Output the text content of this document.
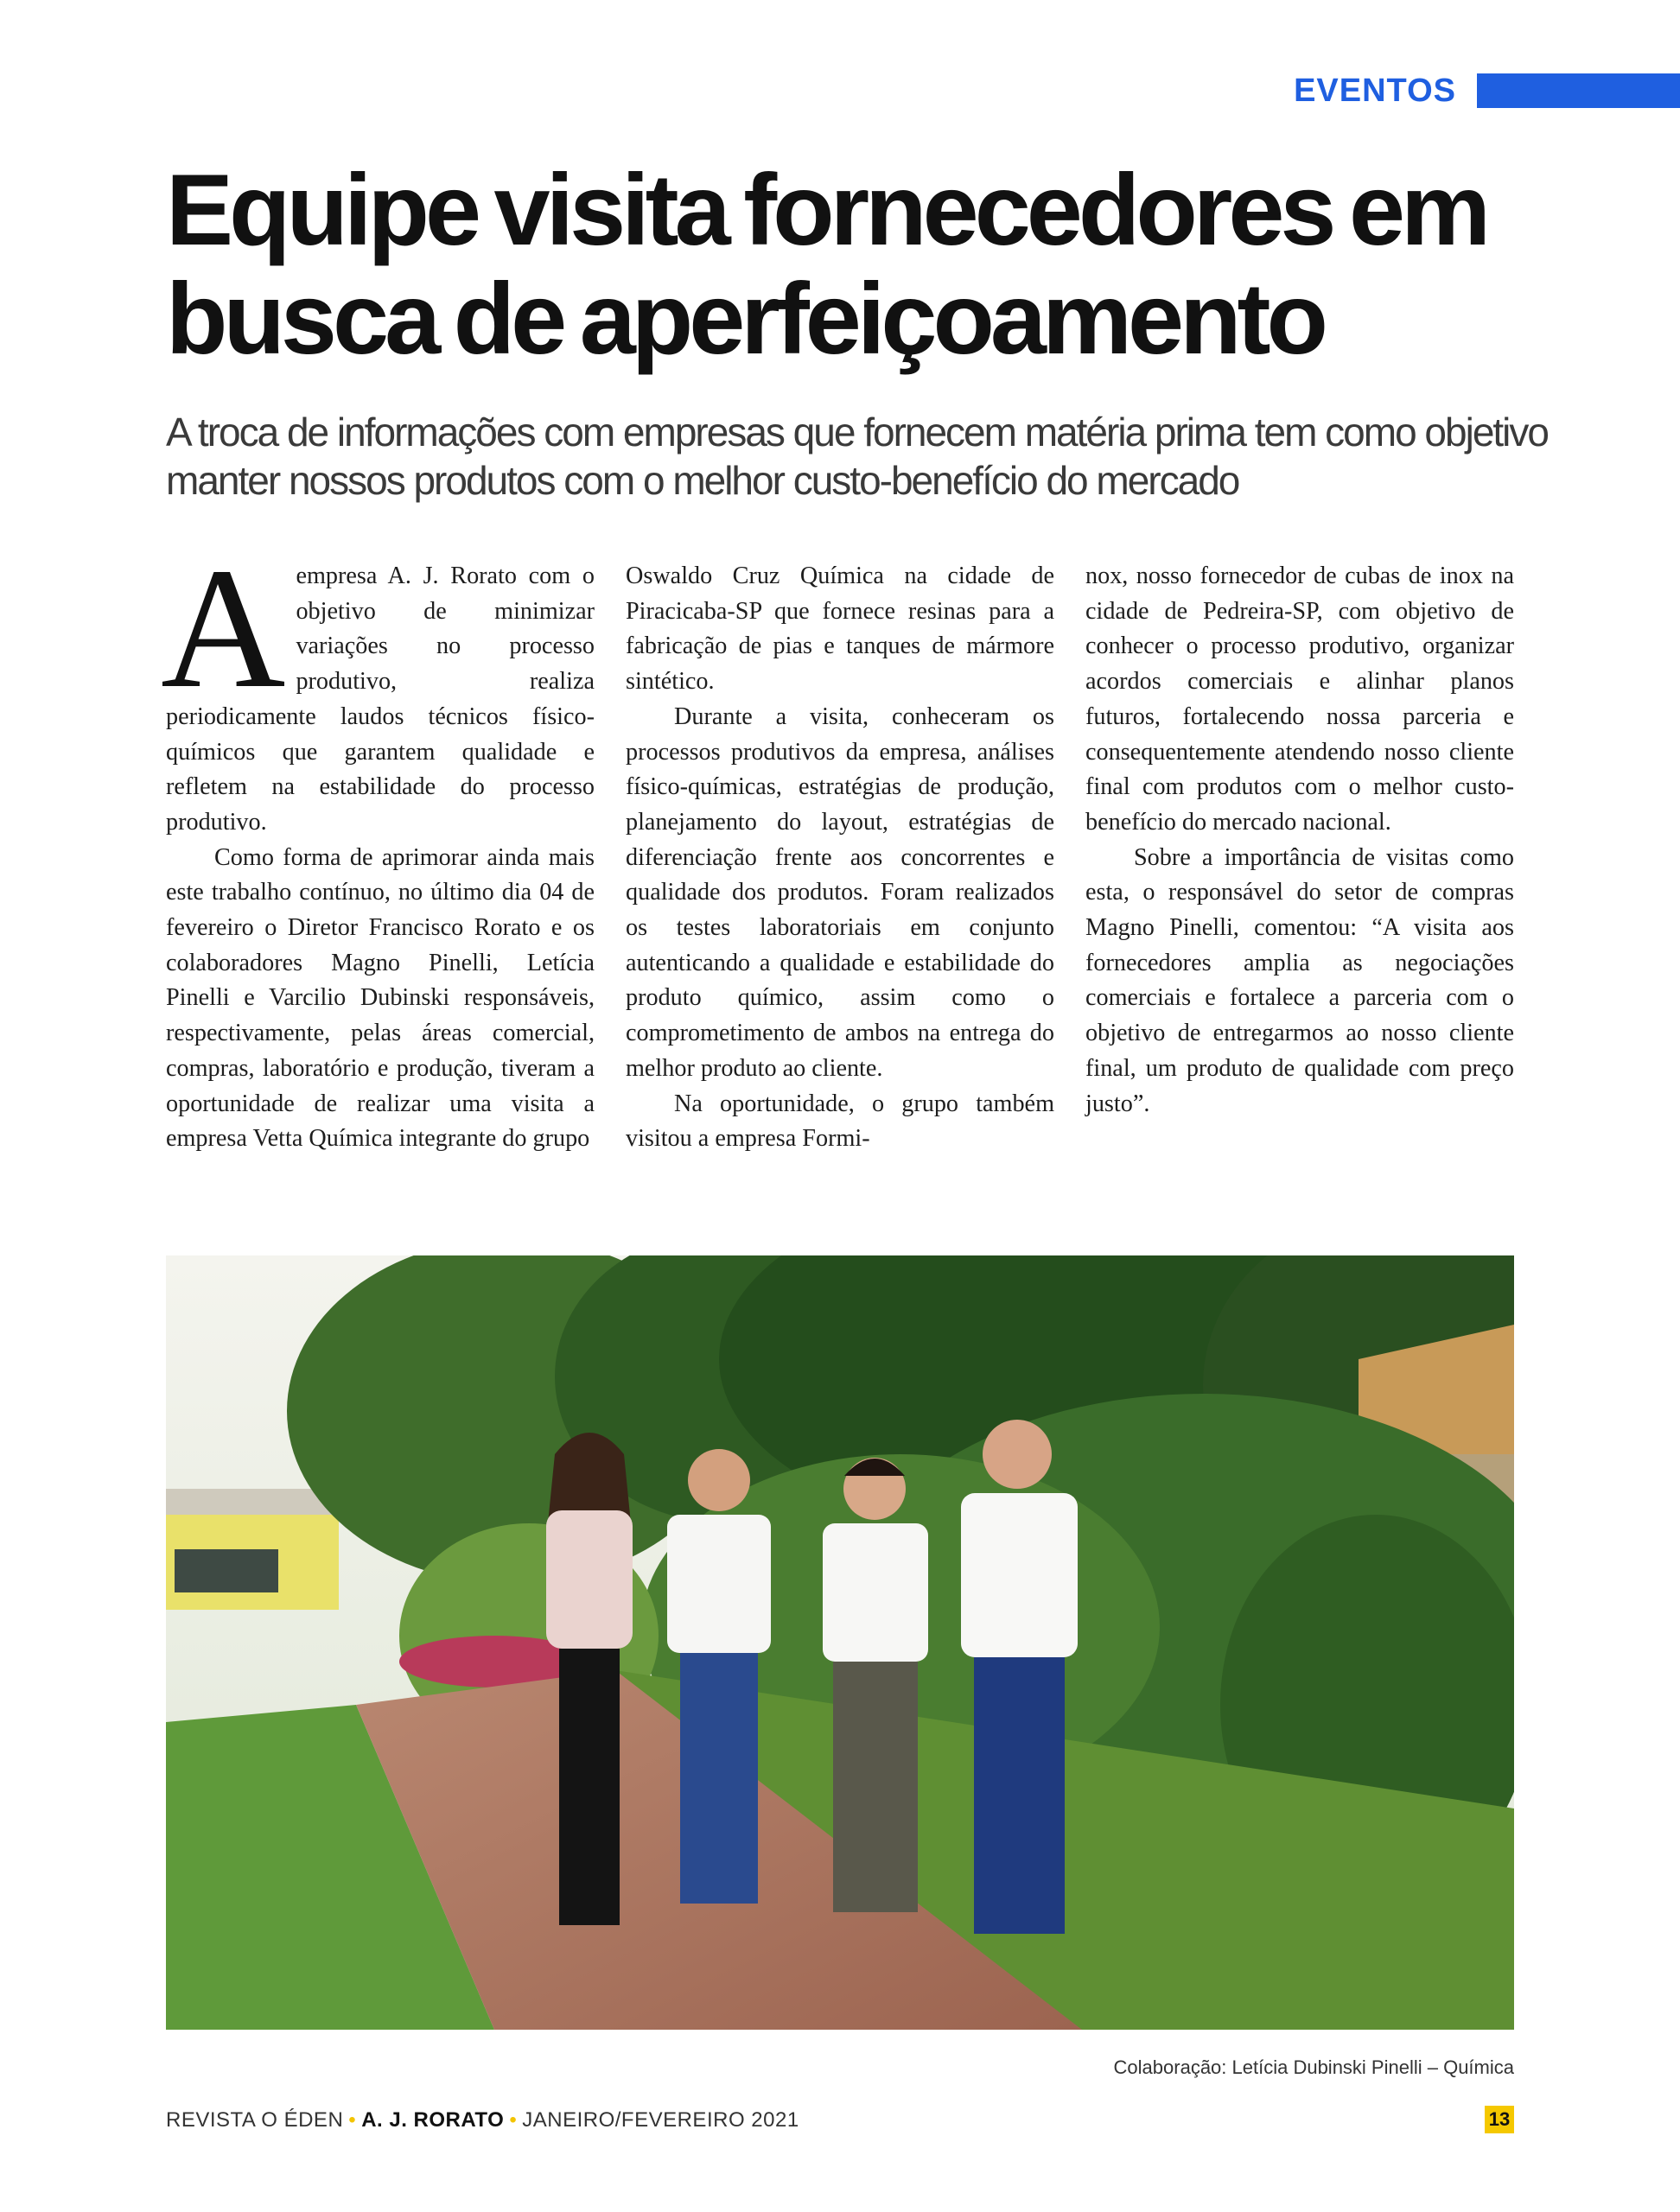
EVENTOS
Equipe visita fornecedores em busca de aperfeiçoamento

A troca de informações com empresas que fornecem matéria prima tem como objetivo manter nossos produtos com o melhor custo-benefício do mercado

Aempresa A. J. Rorato com o objetivo de minimizar variações no processo produtivo, realiza periodicamente laudos técnicos físico-químicos que garantem qualidade e refletem na estabilidade do processo produtivo.

Como forma de aprimorar ainda mais este trabalho contínuo, no último dia 04 de fevereiro o Diretor Francisco Rorato e os colaboradores Magno Pinelli, Letícia Pinelli e Varcilio Dubinski responsáveis, respectivamente, pelas áreas comercial, compras, laboratório e produção, tiveram a oportunidade de realizar uma visita a empresa Vetta Química integrante do grupo

Oswaldo Cruz Química na cidade de Piracicaba-SP que fornece resinas para a fabricação de pias e tanques de mármore sintético.

Durante a visita, conheceram os processos produtivos da empresa, análises físico-químicas, estratégias de produção, planejamento do layout, estratégias de diferenciação frente aos concorrentes e qualidade dos produtos. Foram realizados os testes laboratoriais em conjunto autenticando a qualidade e estabilidade do produto químico, assim como o comprometimento de ambos na entrega do melhor produto ao cliente.

Na oportunidade, o grupo também visitou a empresa Formi-

nox, nosso fornecedor de cubas de inox na cidade de Pedreira-SP, com objetivo de conhecer o processo produtivo, organizar acordos comerciais e alinhar planos futuros, fortalecendo nossa parceria e consequentemente atendendo nosso cliente final com produtos com o melhor custo-benefício do mercado nacional.

Sobre a importância de visitas como esta, o responsável do setor de compras Magno Pinelli, comentou: “A visita aos fornecedores amplia as negociações comerciais e fortalece a parceria com o objetivo de entregarmos ao nosso cliente final, um produto de qualidade com preço justo”.

Colaboração: Letícia Dubinski Pinelli – Química
REVISTA O ÉDEN • A. J. RORATO • JANEIRO/FEVEREIRO 2021	13
